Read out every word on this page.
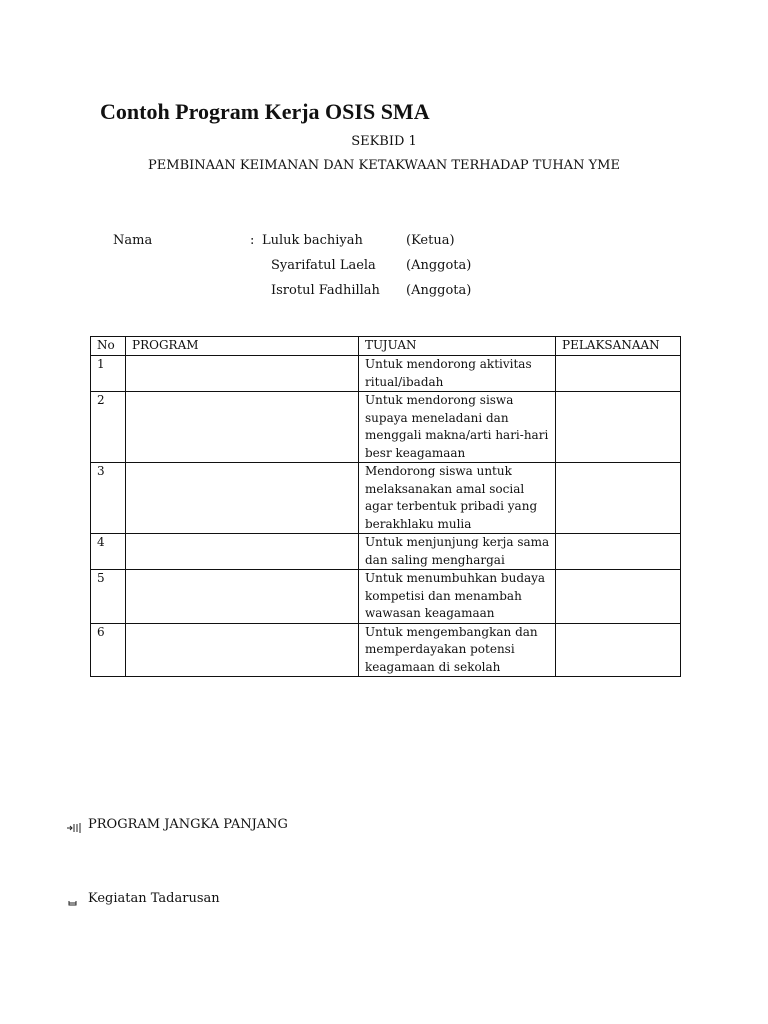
Contoh Program Kerja OSIS SMA
SEKBID 1
PEMBINAAN KEIMANAN DAN KETAKWAAN TERHADAP TUHAN YME
Nama	: Luluk bachiyah	(Ketua)
Syarifatul Laela (Anggota)
Isrotul Fadhillah (Anggota)
No	PROGRAM	TUJUAN	PELAKSANAAN
1		Untuk mendorong aktivitas
ritual/ibadah	

2		Untuk mendorong siswa
supaya meneladani dan
menggali makna/arti hari-hari
besr keagamaan	

3		Mendorong siswa untuk
melaksanakan amal social
agar terbentuk pribadi yang
berakhlaku mulia	

4		Untuk menjunjung kerja sama
dan saling menghargai	

5		Untuk menumbuhkan budaya
kompetisi dan menambah
wawasan keagamaan	

6		Untuk mengembangkan dan
memperdayakan potensi
keagamaan di sekolah	

PROGRAM JANGKA PANJANG
Kegiatan Tadarusan
